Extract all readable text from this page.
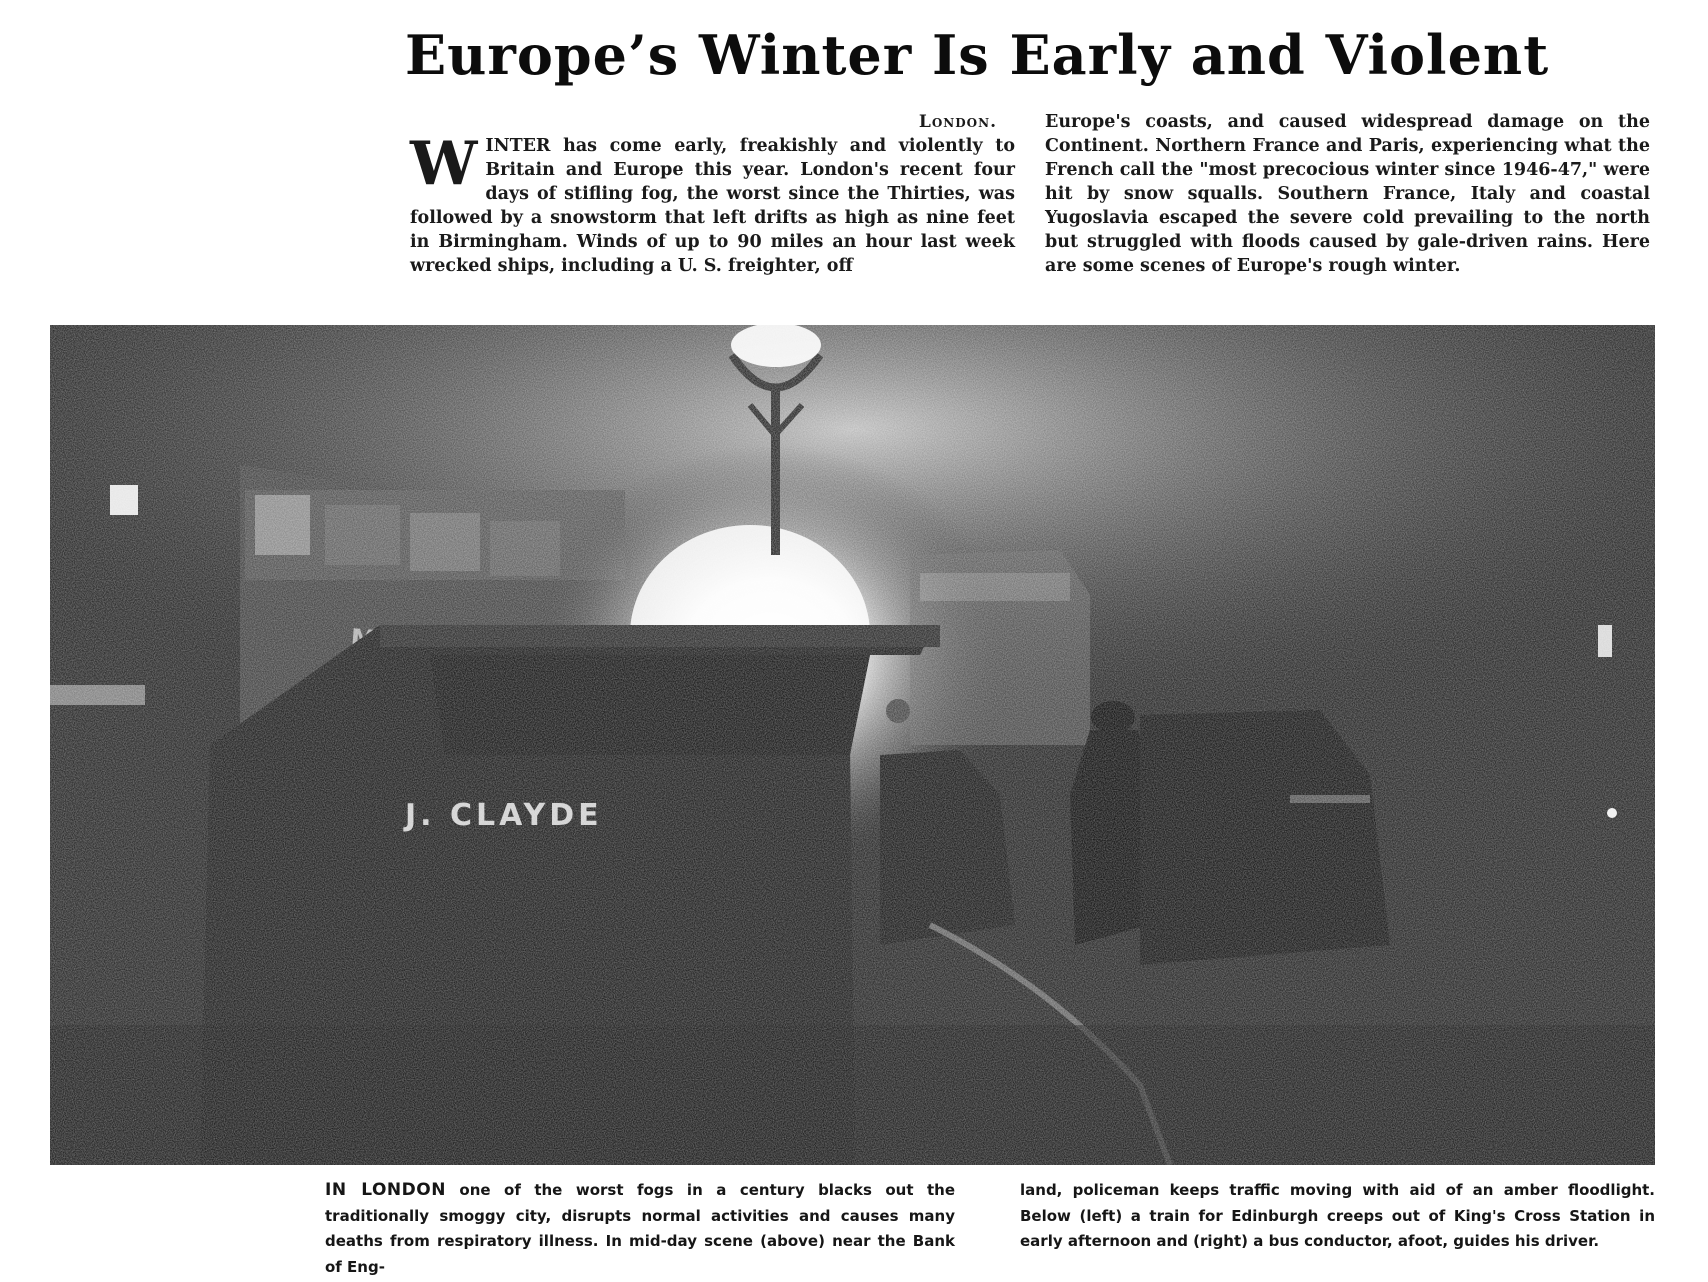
Europe’s Winter Is Early and Violent
London.

WINTER has come early, freakishly and violently to Britain and Europe this year. London's recent four days of stifling fog, the worst since the Thirties, was followed by a snowstorm that left drifts as high as nine feet in Birmingham. Winds of up to 90 miles an hour last week wrecked ships, including a U. S. freighter, off

Europe's coasts, and caused widespread damage on the Continent. Northern France and Paris, experiencing what the French call the "most precocious winter since 1946-47," were hit by snow squalls. Southern France, Italy and coastal Yugoslavia escaped the severe cold prevailing to the north but struggled with floods caused by gale-driven rains. Here are some scenes of Europe's rough winter.

IN LONDON one of the worst fogs in a century blacks out the traditionally smoggy city, disrupts normal activities and causes many deaths from respiratory illness. In mid-day scene (above) near the Bank of Eng-

land, policeman keeps traffic moving with aid of an amber floodlight. Below (left) a train for Edinburgh creeps out of King's Cross Station in early afternoon and (right) a bus conductor, afoot, guides his driver.
